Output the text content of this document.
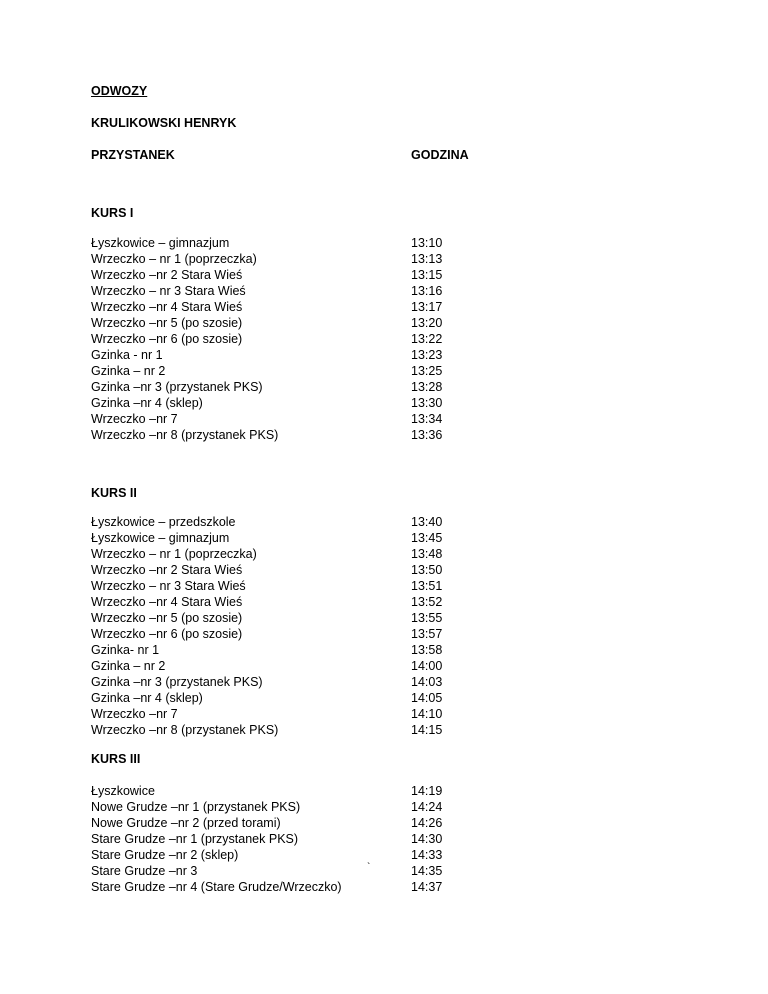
ODWOZY
KRULIKOWSKI HENRYK
PRZYSTANEK	GODZINA
KURS I
Łyszkowice – gimnazjum	13:10
Wrzeczko – nr 1 (poprzeczka)	13:13
Wrzeczko –nr 2 Stara Wieś	13:15
Wrzeczko – nr 3 Stara Wieś	13:16
Wrzeczko –nr 4 Stara Wieś	13:17
Wrzeczko –nr 5 (po szosie)	13:20
Wrzeczko –nr 6 (po szosie)	13:22
Gzinka - nr 1	13:23
Gzinka – nr 2	13:25
Gzinka –nr 3 (przystanek PKS)	13:28
Gzinka –nr 4 (sklep)	13:30
Wrzeczko –nr 7	13:34
Wrzeczko –nr 8 (przystanek PKS)	13:36
KURS II
Łyszkowice – przedszkole	13:40
Łyszkowice – gimnazjum	13:45
Wrzeczko – nr 1 (poprzeczka)	13:48
Wrzeczko –nr 2 Stara Wieś	13:50
Wrzeczko – nr 3 Stara Wieś	13:51
Wrzeczko –nr 4 Stara Wieś	13:52
Wrzeczko –nr 5 (po szosie)	13:55
Wrzeczko –nr 6 (po szosie)	13:57
Gzinka- nr 1	13:58
Gzinka – nr 2	14:00
Gzinka –nr 3 (przystanek PKS)	14:03
Gzinka –nr 4 (sklep)	14:05
Wrzeczko –nr 7	14:10
Wrzeczko –nr 8 (przystanek PKS)	14:15
KURS III
Łyszkowice	14:19
Nowe Grudze –nr 1 (przystanek PKS)	14:24
Nowe Grudze –nr 2 (przed torami)	14:26
Stare Grudze –nr 1 (przystanek PKS)	14:30
Stare Grudze –nr 2 (sklep)	14:33
Stare Grudze –nr 3	14:35
Stare Grudze –nr 4 (Stare Grudze/Wrzeczko)	14:37
`
